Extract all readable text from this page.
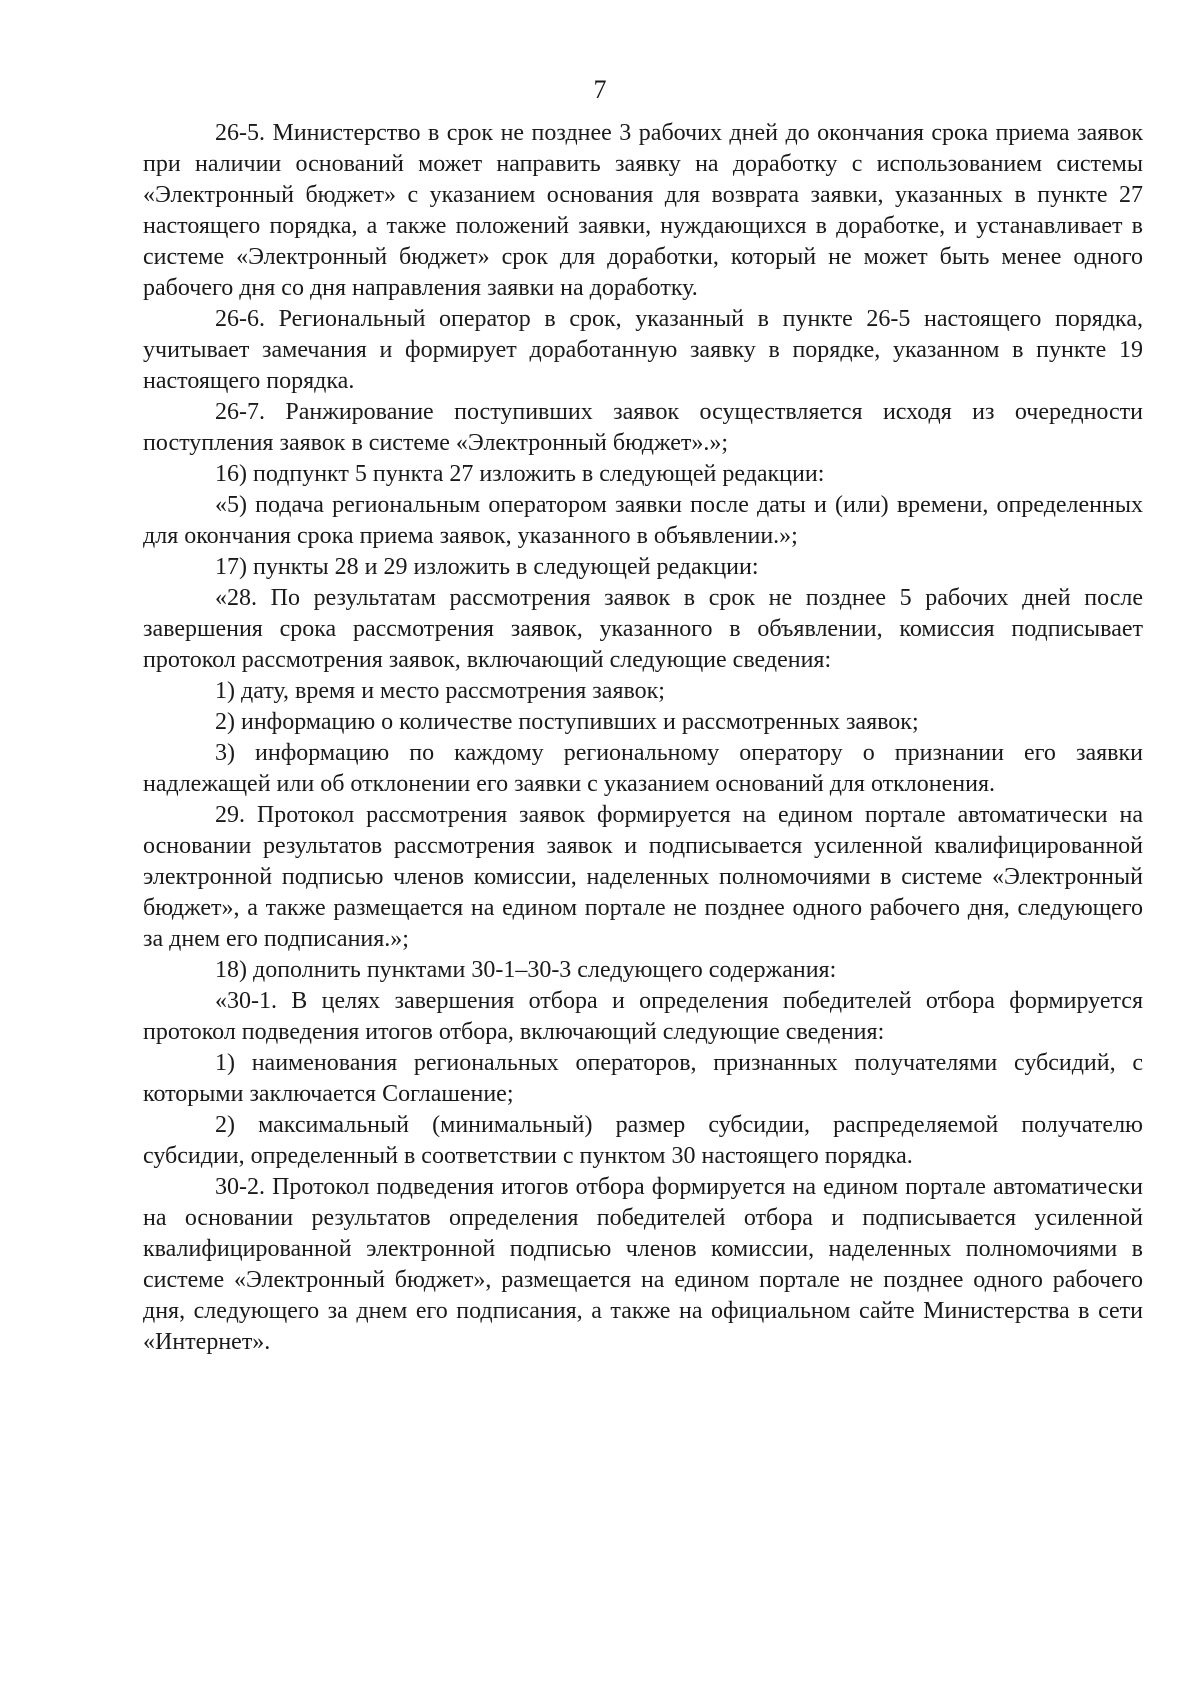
7

26-5. Министерство в срок не позднее 3 рабочих дней до окончания срока приема заявок при наличии оснований может направить заявку на доработку с использованием системы «Электронный бюджет» с указанием основания для возврата заявки, указанных в пункте 27 настоящего порядка, а также положений заявки, нуждающихся в доработке, и устанавливает в системе «Электронный бюджет» срок для доработки, который не может быть менее одного рабочего дня со дня направления заявки на доработку.

26-6. Региональный оператор в срок, указанный в пункте 26-5 настоящего порядка, учитывает замечания и формирует доработанную заявку в порядке, указанном в пункте 19 настоящего порядка.

26-7. Ранжирование поступивших заявок осуществляется исходя из очередности поступления заявок в системе «Электронный бюджет».»;

16) подпункт 5 пункта 27 изложить в следующей редакции:

«5) подача региональным оператором заявки после даты и (или) времени, определенных для окончания срока приема заявок, указанного в объявлении.»;

17) пункты 28 и 29 изложить в следующей редакции:

«28. По результатам рассмотрения заявок в срок не позднее 5 рабочих дней после завершения срока рассмотрения заявок, указанного в объявлении, комиссия подписывает протокол рассмотрения заявок, включающий следующие сведения:

1) дату, время и место рассмотрения заявок;

2) информацию о количестве поступивших и рассмотренных заявок;

3) информацию по каждому региональному оператору о признании его заявки надлежащей или об отклонении его заявки с указанием оснований для отклонения.

29. Протокол рассмотрения заявок формируется на едином портале автоматически на основании результатов рассмотрения заявок и подписывается усиленной квалифицированной электронной подписью членов комиссии, наделенных полномочиями в системе «Электронный бюджет», а также размещается на едином портале не позднее одного рабочего дня, следующего за днем его подписания.»;

18) дополнить пунктами 30-1–30-3 следующего содержания:

«30-1. В целях завершения отбора и определения победителей отбора формируется протокол подведения итогов отбора, включающий следующие сведения:

1) наименования региональных операторов, признанных получателями субсидий, с которыми заключается Соглашение;

2) максимальный (минимальный) размер субсидии, распределяемой получателю субсидии, определенный в соответствии с пунктом 30 настоящего порядка.

30-2. Протокол подведения итогов отбора формируется на едином портале автоматически на основании результатов определения победителей отбора и подписывается усиленной квалифицированной электронной подписью членов комиссии, наделенных полномочиями в системе «Электронный бюджет», размещается на едином портале не позднее одного рабочего дня, следующего за днем его подписания, а также на официальном сайте Министерства в сети «Интернет».
